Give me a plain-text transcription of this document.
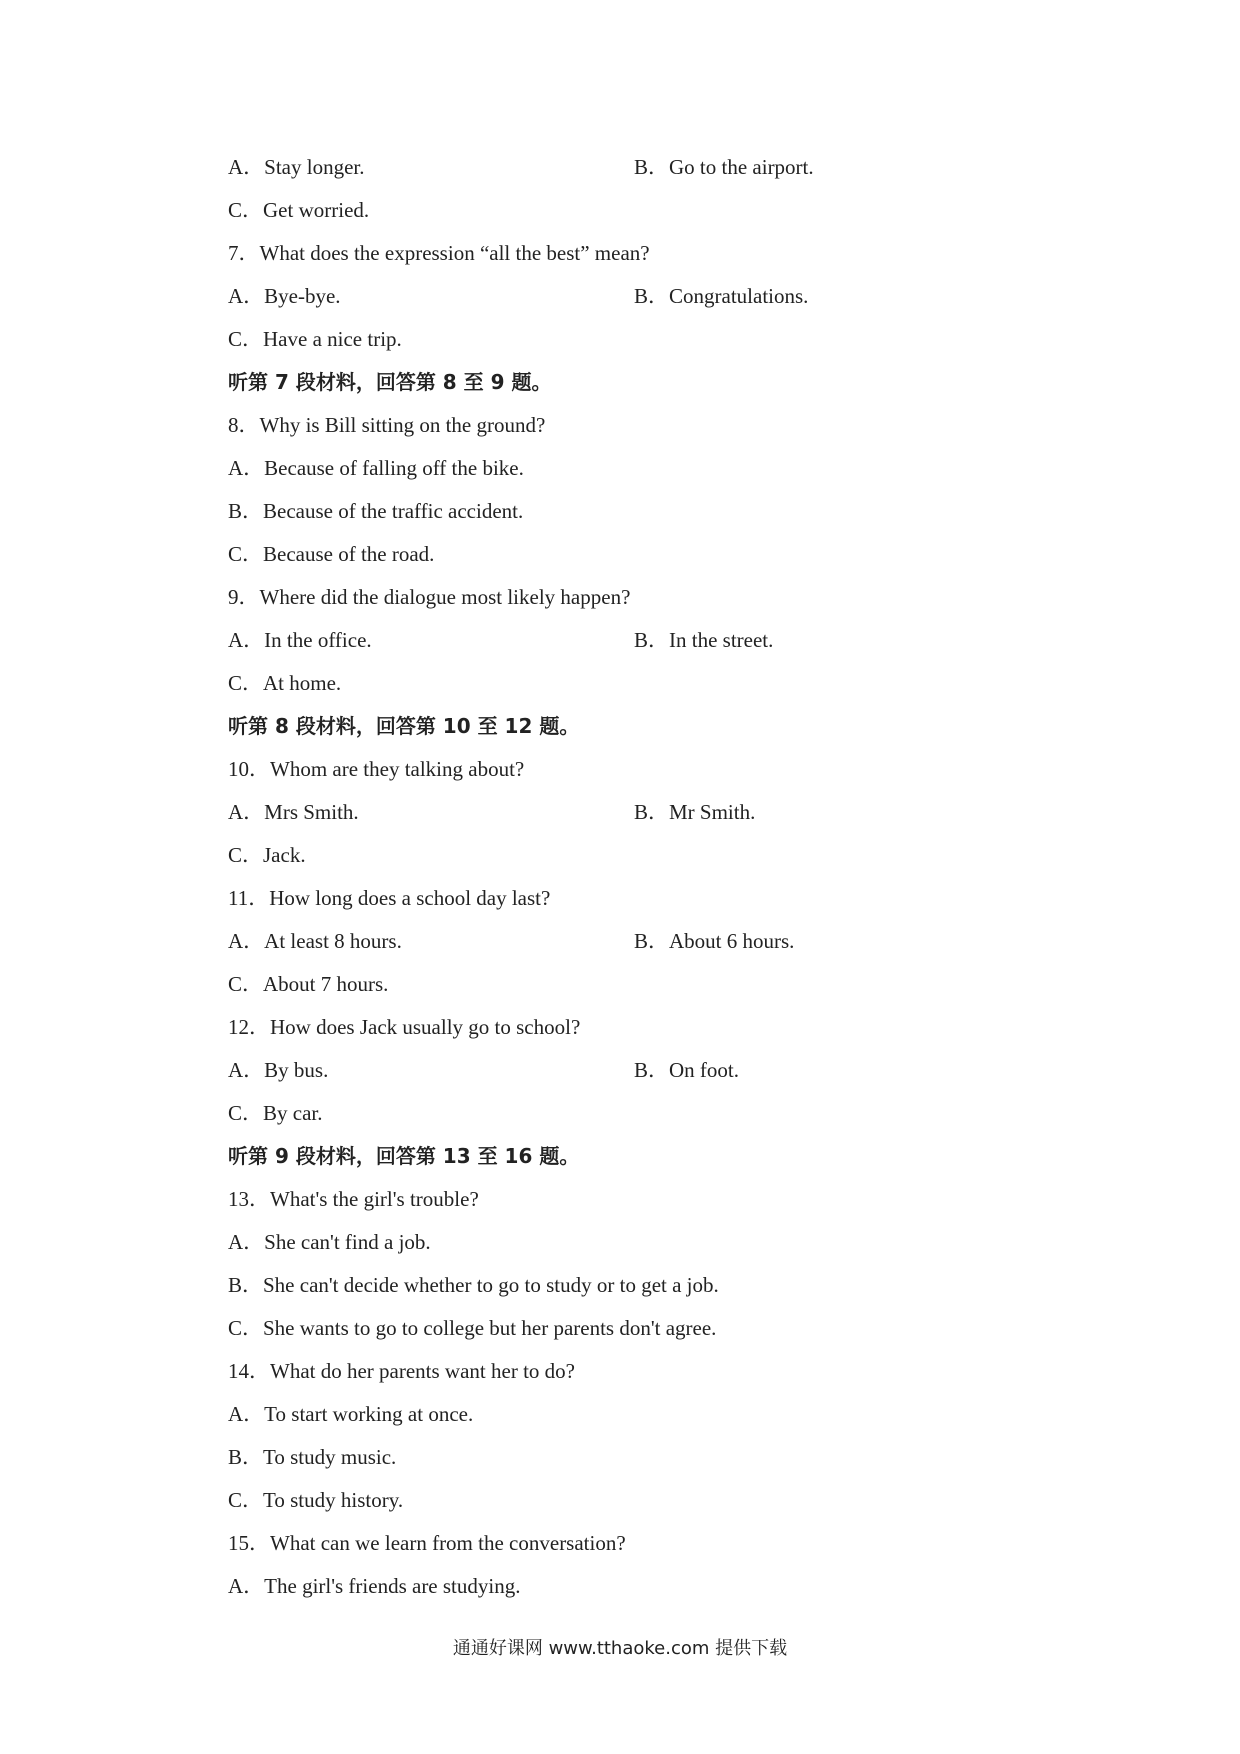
A．Stay longer.	B．Go to the airport.
C．Get worried.
7．What does the expression “all the best” mean?
A．Bye-bye.	B．Congratulations.
C．Have a nice trip.
听第 7 段材料，回答第 8 至 9 题。
8．Why is Bill sitting on the ground?
A．Because of falling off the bike.
B．Because of the traffic accident.
C．Because of the road.
9．Where did the dialogue most likely happen?
A．In the office.	B．In the street.
C．At home.
听第 8 段材料，回答第 10 至 12 题。
10．Whom are they talking about?
A．Mrs Smith.	B．Mr Smith.
C．Jack.
11．How long does a school day last?
A．At least 8 hours.	B．About 6 hours.
C．About 7 hours.
12．How does Jack usually go to school?
A．By bus.	B．On foot.
C．By car.
听第 9 段材料，回答第 13 至 16 题。
13．What's the girl's trouble?
A．She can't find a job.
B．She can't decide whether to go to study or to get a job.
C．She wants to go to college but her parents don't agree.
14．What do her parents want her to do?
A．To start working at once.
B．To study music.
C．To study history.
15．What can we learn from the conversation?
A．The girl's friends are studying.
通通好课网 www.tthaoke.com 提供下载
